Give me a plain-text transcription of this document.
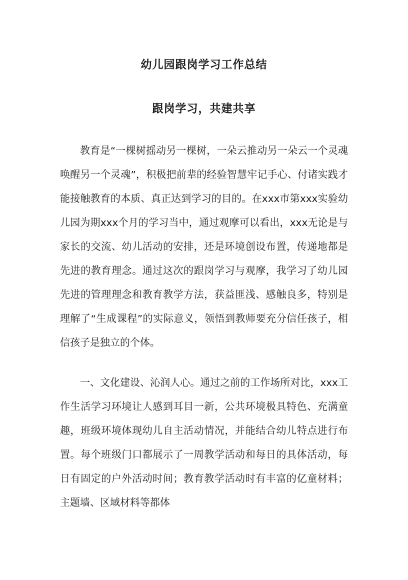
幼儿园跟岗学习工作总结
跟岗学习，共建共享

教育是“一棵树摇动另一棵树，一朵云推动另一朵云一个灵魂唤醒另一个灵魂”，积极把前辈的经验智慧牢记手心、付诸实践才能接触教育的本质、真正达到学习的目的。在xxx市第xxx实验幼儿园为期xxx个月的学习当中，通过观摩可以看出，xxx无论是与家长的交流、幼儿活动的安排，还是环境创设布置，传递地都是先进的教育理念。通过这次的跟岗学习与观摩，我学习了幼儿园先进的管理理念和教育教学方法，获益匪浅、感触良多，特别是理解了“生成课程”的实际意义，领悟到教师要充分信任孩子，相信孩子是独立的个体。

一、文化建设、沁润人心。通过之前的工作场所对比，xxx工作生活学习环境让人感到耳目一新，公共环境极具特色、充满童趣，班级环境体现幼儿自主活动情况，并能结合幼儿特点进行布置。每个班级门口都展示了一周教学活动和每日的具体活动，每日有固定的户外活动时间；教育教学活动时有丰富的亿童材料；主题墙、区域材料等都体
